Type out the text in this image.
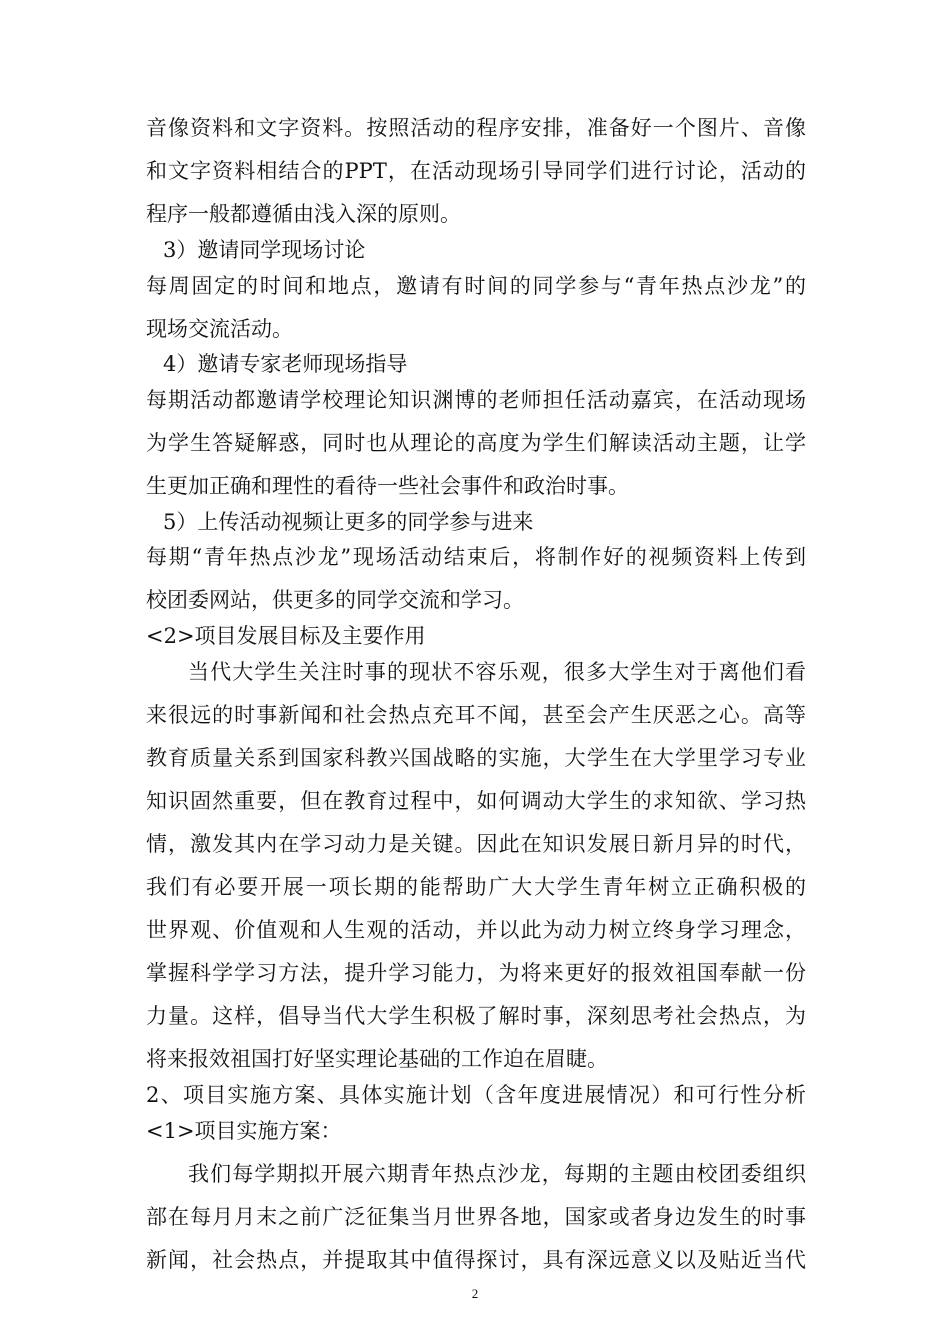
音像资料和文字资料。按照活动的程序安排，准备好一个图片、音像
和文字资料相结合的PPT，在活动现场引导同学们进行讨论，活动的
程序一般都遵循由浅入深的原则。
3）邀请同学现场讨论
每周固定的时间和地点，邀请有时间的同学参与“青年热点沙龙”的
现场交流活动。
4）邀请专家老师现场指导
每期活动都邀请学校理论知识渊博的老师担任活动嘉宾，在活动现场
为学生答疑解惑，同时也从理论的高度为学生们解读活动主题，让学
生更加正确和理性的看待一些社会事件和政治时事。
5）上传活动视频让更多的同学参与进来
每期“青年热点沙龙”现场活动结束后，将制作好的视频资料上传到
校团委网站，供更多的同学交流和学习。
<2>项目发展目标及主要作用
当代大学生关注时事的现状不容乐观，很多大学生对于离他们看
来很远的时事新闻和社会热点充耳不闻，甚至会产生厌恶之心。高等
教育质量关系到国家科教兴国战略的实施，大学生在大学里学习专业
知识固然重要，但在教育过程中，如何调动大学生的求知欲、学习热
情，激发其内在学习动力是关键。因此在知识发展日新月异的时代，
我们有必要开展一项长期的能帮助广大大学生青年树立正确积极的
世界观、价值观和人生观的活动，并以此为动力树立终身学习理念，
掌握科学学习方法，提升学习能力，为将来更好的报效祖国奉献一份
力量。这样，倡导当代大学生积极了解时事，深刻思考社会热点，为
将来报效祖国打好坚实理论基础的工作迫在眉睫。
2、项目实施方案、具体实施计划（含年度进展情况）和可行性分析
<1>项目实施方案：
我们每学期拟开展六期青年热点沙龙，每期的主题由校团委组织
部在每月月末之前广泛征集当月世界各地，国家或者身边发生的时事
新闻，社会热点，并提取其中值得探讨，具有深远意义以及贴近当代
2
